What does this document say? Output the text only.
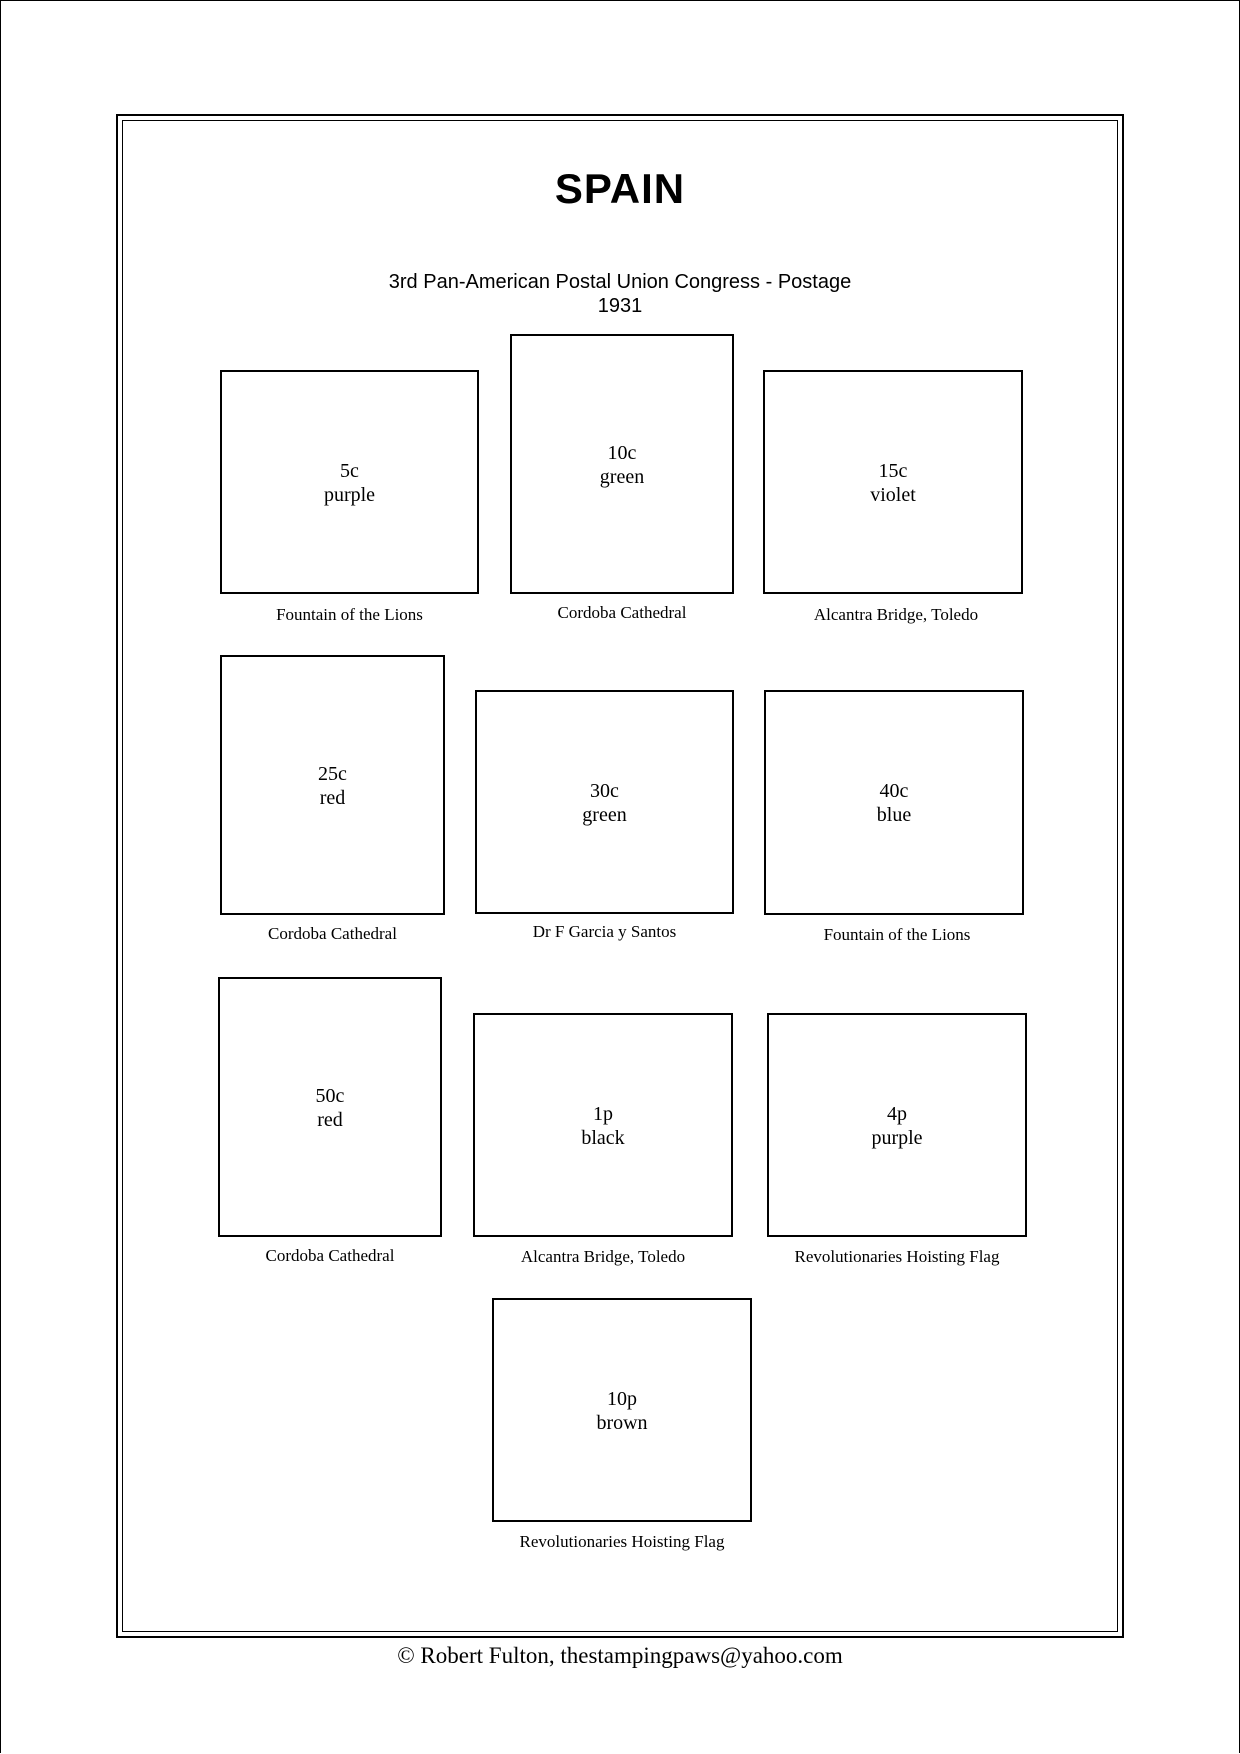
SPAIN
3rd Pan-American Postal Union Congress - Postage
1931
5c
purple
Fountain of the Lions
10c
green
Cordoba Cathedral
15c
violet
Alcantra Bridge, Toledo
25c
red
Cordoba Cathedral
30c
green
Dr F Garcia y Santos
40c
blue
Fountain of the Lions
50c
red
Cordoba Cathedral
1p
black
Alcantra Bridge, Toledo
4p
purple
Revolutionaries Hoisting Flag
10p
brown
Revolutionaries Hoisting Flag
© Robert Fulton, thestampingpaws@yahoo.com
